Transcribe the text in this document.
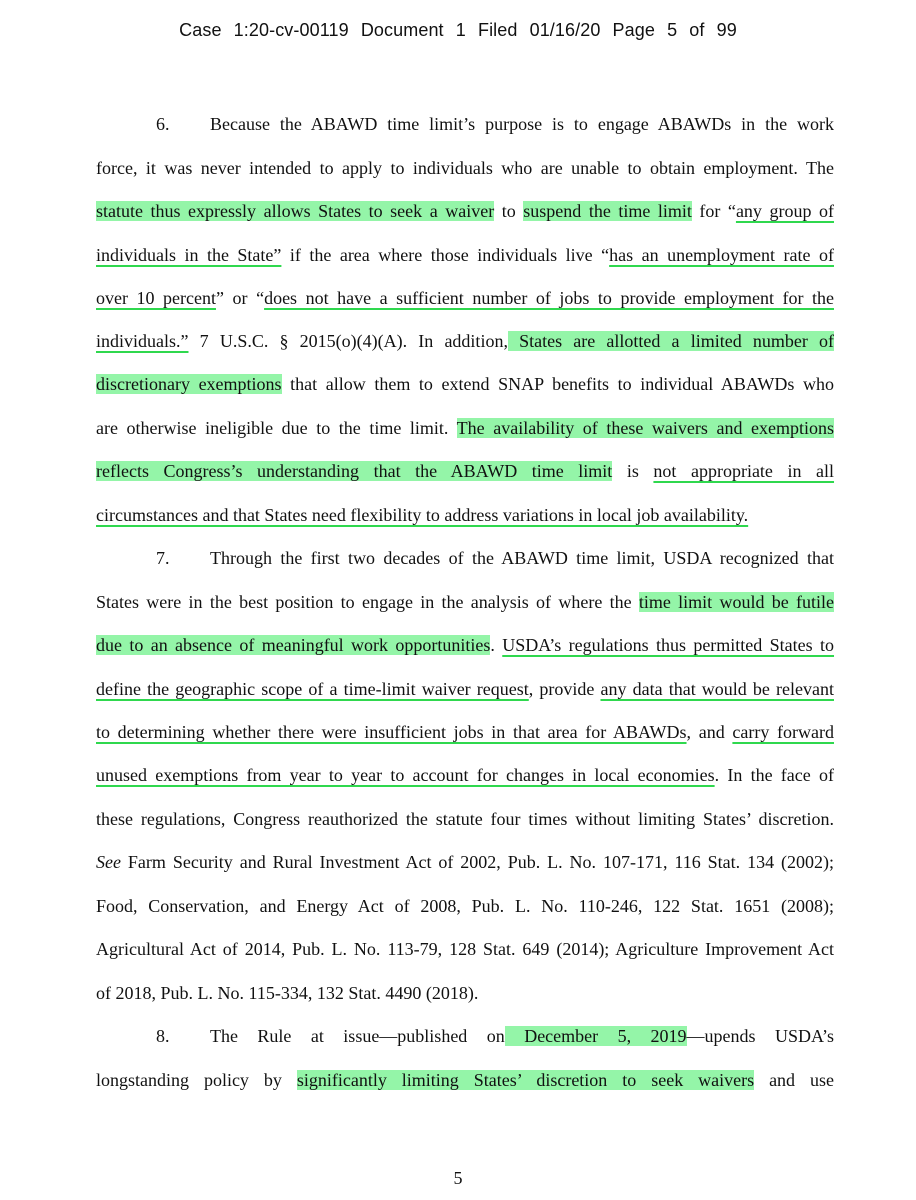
Case 1:20-cv-00119 Document 1 Filed 01/16/20 Page 5 of 99
6. Because the ABAWD time limit’s purpose is to engage ABAWDs in the work
force, it was never intended to apply to individuals who are unable to obtain employment. The
statute thus expressly allows States to seek a waiver to suspend the time limit for “any group of
individuals in the State” if the area where those individuals live “has an unemployment rate of
over 10 percent” or “does not have a sufficient number of jobs to provide employment for the
individuals.” 7 U.S.C. § 2015(o)(4)(A). In addition, States are allotted a limited number of
discretionary exemptions that allow them to extend SNAP benefits to individual ABAWDs who
are otherwise ineligible due to the time limit. The availability of these waivers and exemptions
reflects Congress’s understanding that the ABAWD time limit is not appropriate in all
circumstances and that States need flexibility to address variations in local job availability.
7. Through the first two decades of the ABAWD time limit, USDA recognized that
States were in the best position to engage in the analysis of where the time limit would be futile
due to an absence of meaningful work opportunities. USDA’s regulations thus permitted States to
define the geographic scope of a time-limit waiver request, provide any data that would be relevant
to determining whether there were insufficient jobs in that area for ABAWDs, and carry forward
unused exemptions from year to year to account for changes in local economies. In the face of
these regulations, Congress reauthorized the statute four times without limiting States’ discretion.
See Farm Security and Rural Investment Act of 2002, Pub. L. No. 107-171, 116 Stat. 134 (2002);
Food, Conservation, and Energy Act of 2008, Pub. L. No. 110-246, 122 Stat. 1651 (2008);
Agricultural Act of 2014, Pub. L. No. 113-79, 128 Stat. 649 (2014); Agriculture Improvement Act
of 2018, Pub. L. No. 115-334, 132 Stat. 4490 (2018).
8. The Rule at issue—published on December 5, 2019—upends USDA’s
longstanding policy by significantly limiting States’ discretion to seek waivers and use
5
